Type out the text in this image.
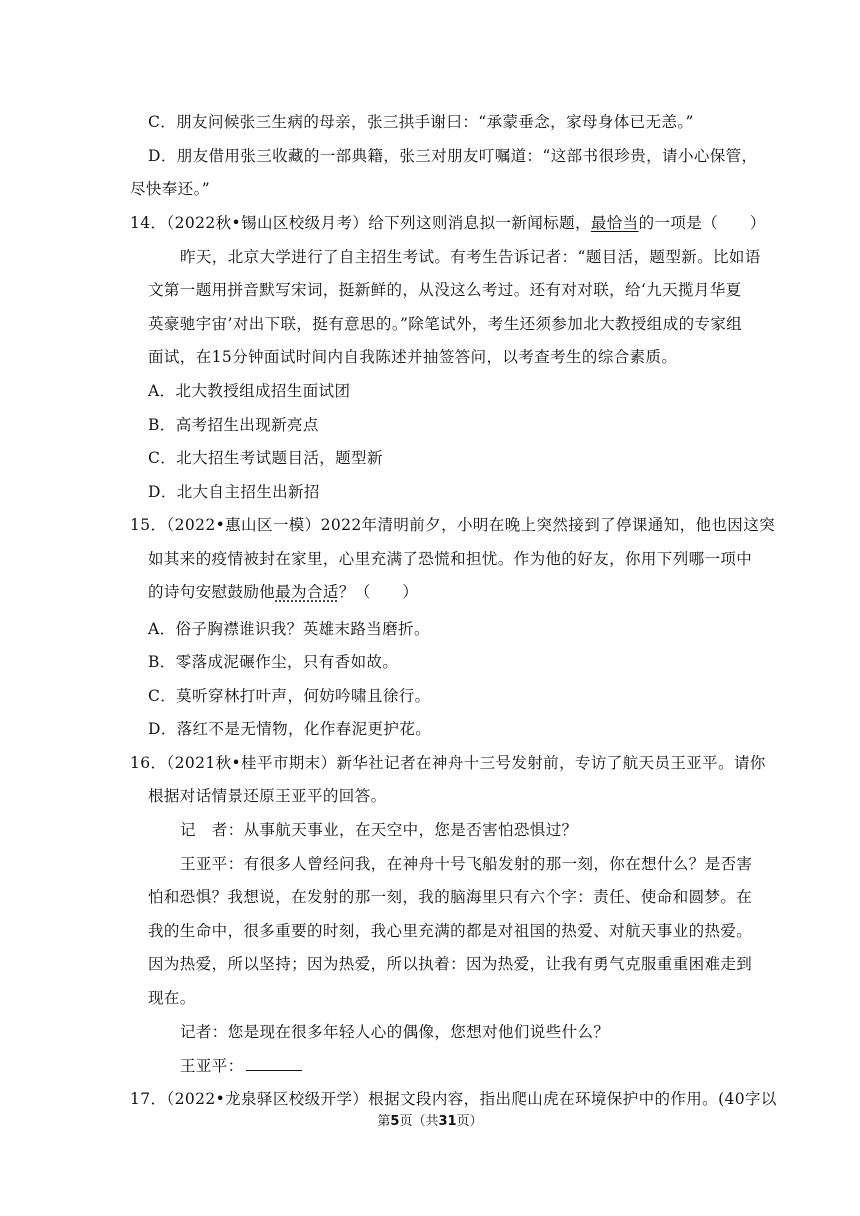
C．朋友问候张三生病的母亲，张三拱手谢曰：“承蒙垂念，家母身体已无恙。”
D．朋友借用张三收藏的一部典籍，张三对朋友叮嘱道：“这部书很珍贵，请小心保管，
尽快奉还。”
14．（2022秋•锡山区校级月考）给下列这则消息拟一新闻标题，最恰当的一项是（　　）
昨天，北京大学进行了自主招生考试。有考生告诉记者：“题目活，题型新。比如语
文第一题用拼音默写宋词，挺新鲜的，从没这么考过。还有对对联，给‘九天揽月华夏
英豪驰宇宙’对出下联，挺有意思的。”除笔试外，考生还须参加北大教授组成的专家组
面试，在15分钟面试时间内自我陈述并抽签答问，以考查考生的综合素质。
A．北大教授组成招生面试团
B．高考招生出现新亮点
C．北大招生考试题目活，题型新
D．北大自主招生出新招
15．（2022•惠山区一模）2022年清明前夕，小明在晚上突然接到了停课通知，他也因这突
如其来的疫情被封在家里，心里充满了恐慌和担忧。作为他的好友，你用下列哪一项中
的诗句安慰鼓励他最为合适？（　　）
A．俗子胸襟谁识我？英雄末路当磨折。
B．零落成泥碾作尘，只有香如故。
C．莫听穿林打叶声，何妨吟啸且徐行。
D．落红不是无情物，化作春泥更护花。
16．（2021秋•桂平市期末）新华社记者在神舟十三号发射前，专访了航天员王亚平。请你
根据对话情景还原王亚平的回答。
记　者：从事航天事业，在天空中，您是否害怕恐惧过？
王亚平：有很多人曾经问我，在神舟十号飞船发射的那一刻，你在想什么？是否害
怕和恐惧？我想说，在发射的那一刻，我的脑海里只有六个字：责任、使命和圆梦。在
我的生命中，很多重要的时刻，我心里充满的都是对祖国的热爱、对航天事业的热爱。
因为热爱，所以坚持；因为热爱，所以执着：因为热爱，让我有勇气克服重重困难走到
现在。
记者：您是现在很多年轻人心的偶像，您想对他们说些什么？
王亚平：
17．（2022•龙泉驿区校级开学）根据文段内容，指出爬山虎在环境保护中的作用。(40字以
第5页（共31页）
